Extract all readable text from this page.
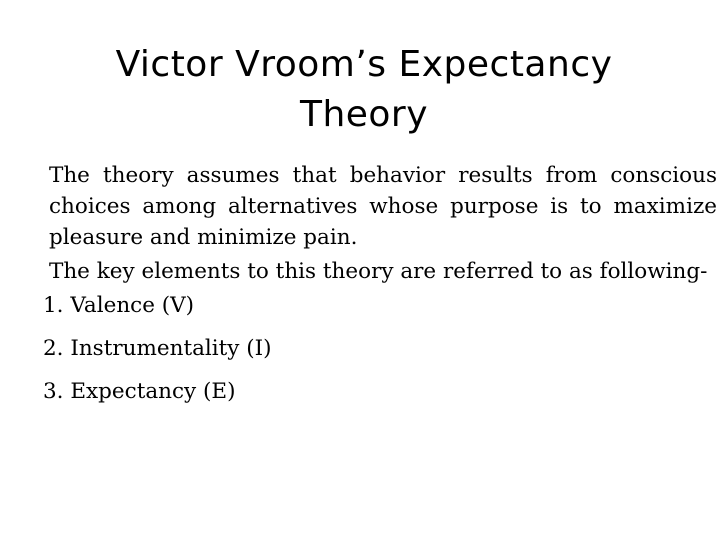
Victor Vroom’s Expectancy
Theory

The theory assumes that behavior results from conscious choices among alternatives whose purpose is to maximize pleasure and minimize pain.

The key elements to this theory are referred to as following-

1. Valence (V)
2. Instrumentality (I)
3. Expectancy (E)
